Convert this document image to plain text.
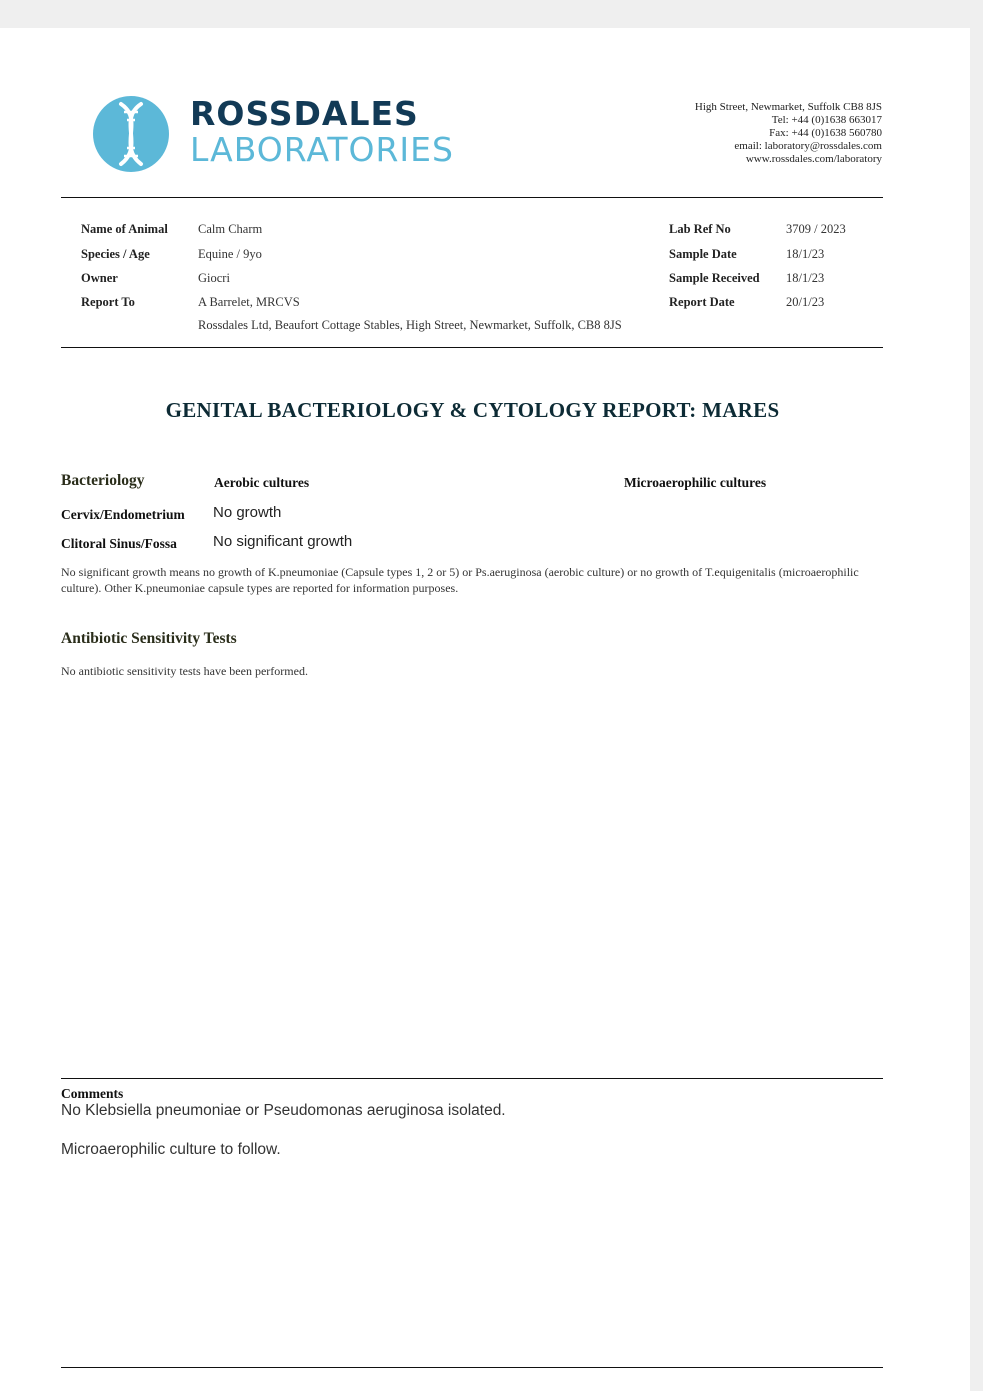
ROSSDALES
LABORATORIES
High Street, Newmarket, Suffolk CB8 8JS
Tel: +44 (0)1638 663017
Fax: +44 (0)1638 560780
email: laboratory@rossdales.com
www.rossdales.com/laboratory
Name of Animal Calm Charm
Species / Age	Equine / 9yo
Owner	Giocri
Report To	A Barrelet, MRCVS
Rossdales Ltd, Beaufort Cottage Stables, High Street, Newmarket, Suffolk, CB8 8JS
Lab Ref No	3709 / 2023
Sample Date	18/1/23
Sample Received 18/1/23
Report Date	20/1/23
GENITAL BACTERIOLOGY & CYTOLOGY REPORT: MARES
Bacteriology	Aerobic cultures	Microaerophilic cultures
Cervix/Endometrium No growth
Clitoral Sinus/Fossa No significant growth
No significant growth means no growth of K.pneumoniae (Capsule types 1, 2 or 5) or Ps.aeruginosa (aerobic culture) or no growth of T.equigenitalis (microaerophilic culture). Other K.pneumoniae capsule types are reported for information purposes.
Antibiotic Sensitivity Tests
No antibiotic sensitivity tests have been performed.
Comments
No Klebsiella pneumoniae or Pseudomonas aeruginosa isolated.
Microaerophilic culture to follow.
